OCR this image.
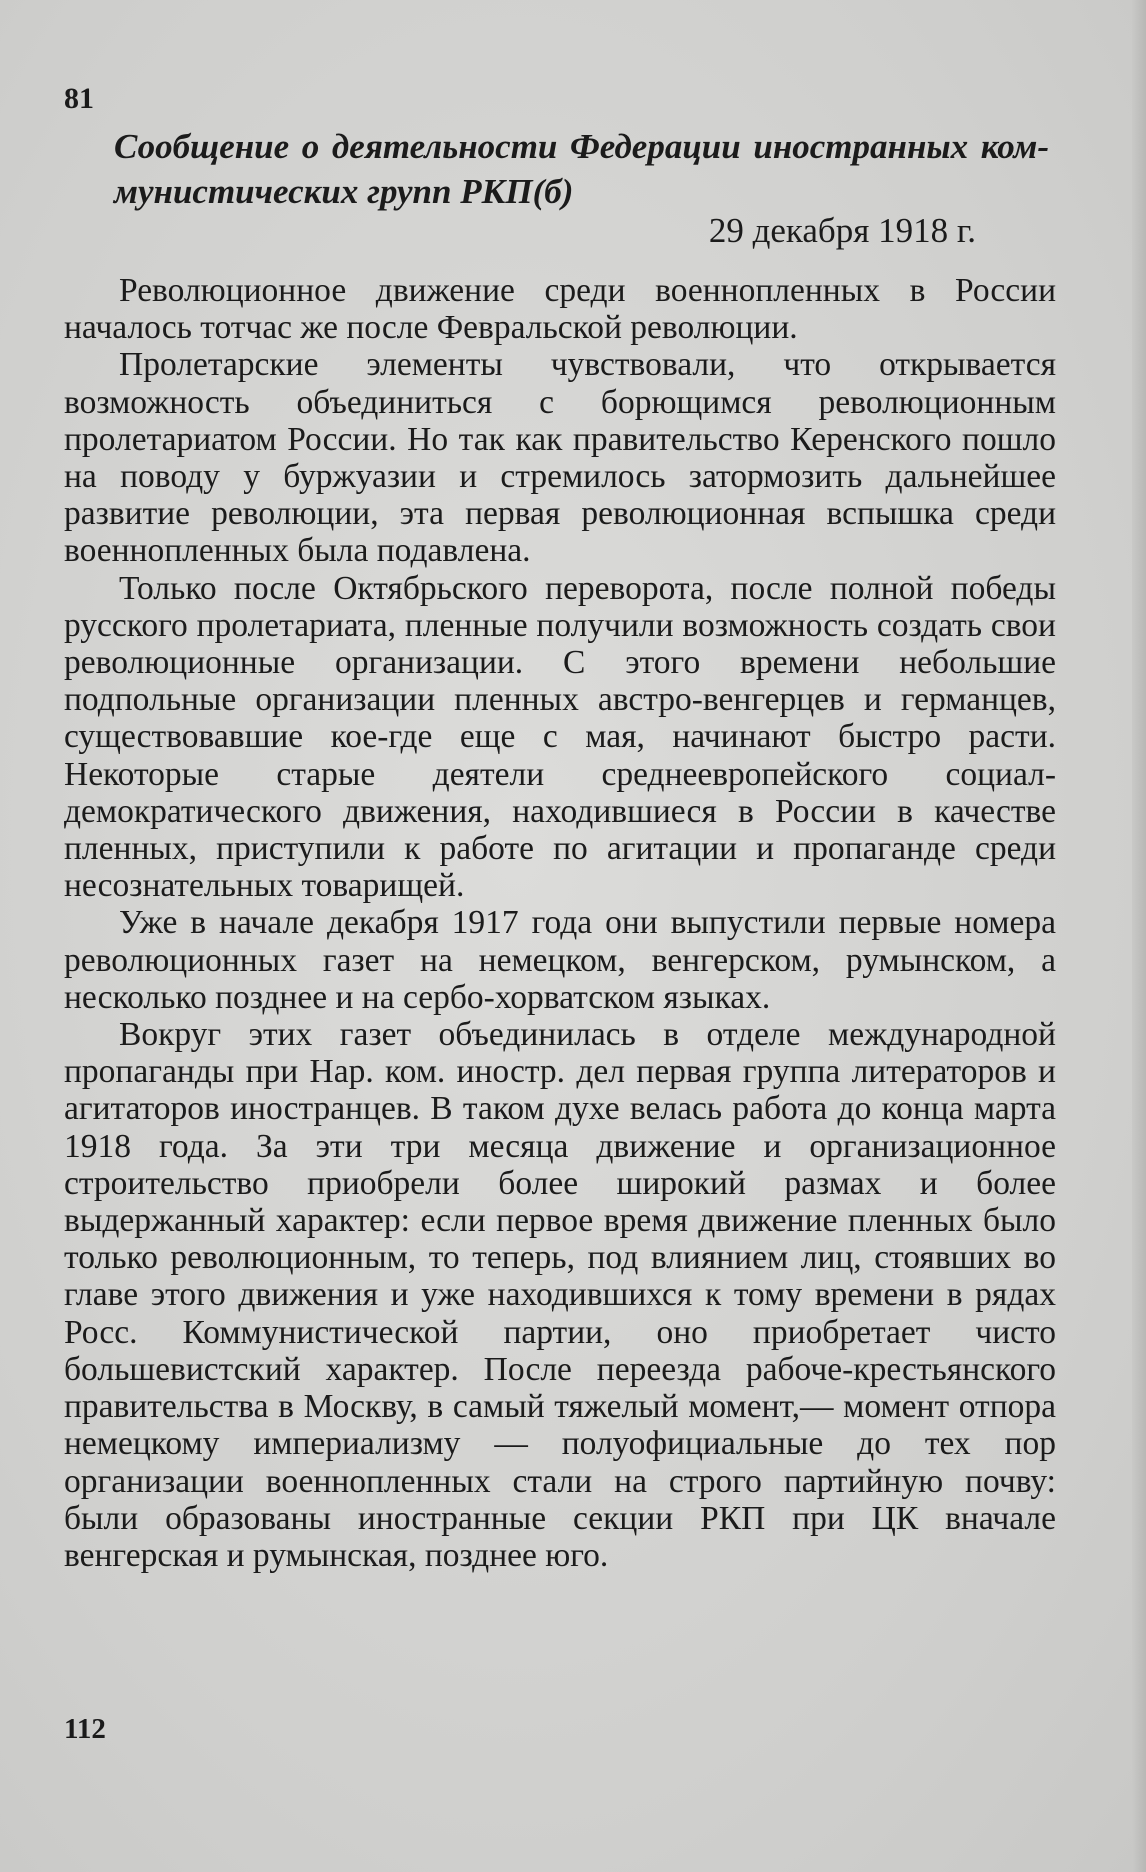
81
Сообщение о деятельности Федерации иностранных ком-мунистических групп РКП(б)

29 декабря 1918 г.

Революционное движение среди военнопленных в России началось тотчас же после Февральской революции.

Пролетарские элементы чувствовали, что открывается возможность объединиться с борющимся революционным пролетариатом России. Но так как правительство Керенского пошло на поводу у буржуазии и стремилось затормозить дальнейшее развитие революции, эта первая революционная вспышка среди военнопленных была подавлена.

Только после Октябрьского переворота, после полной победы русского пролетариата, пленные получили возможность создать свои революционные организации. С этого времени небольшие подпольные организации пленных австро-венгерцев и германцев, существовавшие кое-где еще с мая, начинают быстро расти. Некоторые старые деятели среднеевропейского социал-демократического движения, находившиеся в России в качестве пленных, приступили к работе по агитации и пропаганде среди несознательных товарищей.

Уже в начале декабря 1917 года они выпустили первые номера революционных газет на немецком, венгерском, румынском, а несколько позднее и на сербо-хорватском языках.

Вокруг этих газет объединилась в отделе международной пропаганды при Нар. ком. иностр. дел первая группа литераторов и агитаторов иностранцев. В таком духе велась работа до конца марта 1918 года. За эти три месяца движение и организационное строительство приобрели более широкий размах и более выдержанный характер: если первое время движение пленных было только революционным, то теперь, под влиянием лиц, стоявших во главе этого движения и уже находившихся к тому времени в рядах Росс. Коммунистической партии, оно приобретает чисто большевистский характер. После переезда рабоче-крестьянского правительства в Москву, в самый тяжелый момент,— момент отпора немецкому империализму — полуофициальные до тех пор организации военнопленных стали на строго партийную почву: были образованы иностранные секции РКП при ЦК вначале венгерская и румынская, позднее юго.

112
